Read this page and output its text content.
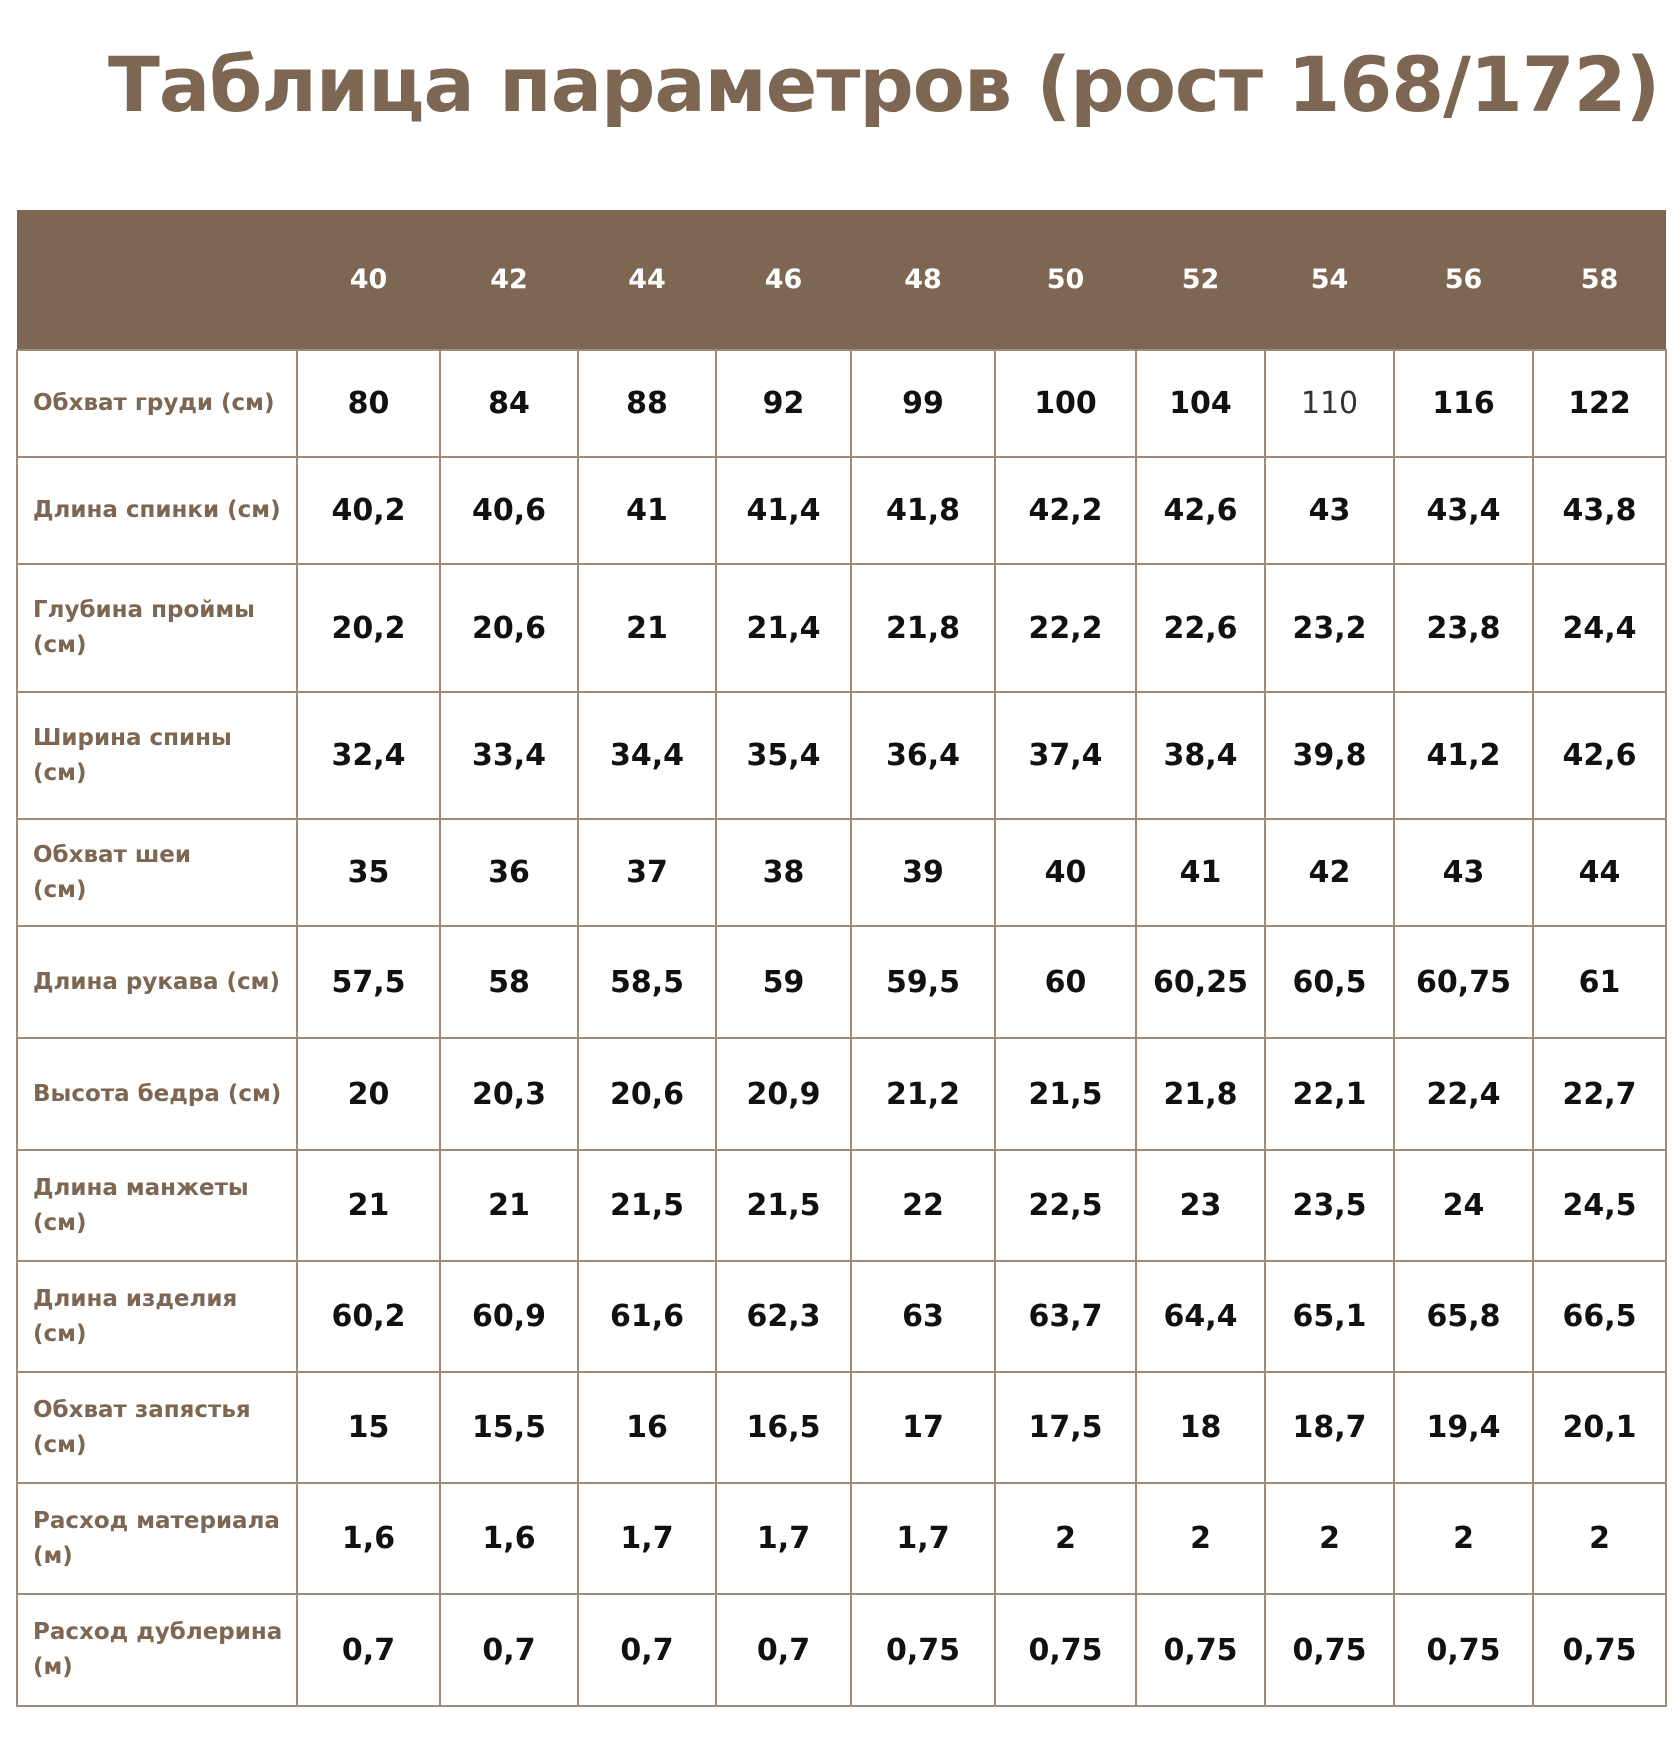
Таблица параметров (рост 168/172)
	40	42	44	46	48	50	52	54	56	58
Обхват груди (см)	80	84	88	92	99	100	104	110	116	122
Длина спинки (см)	40,2	40,6	41	41,4	41,8	42,2	42,6	43	43,4	43,8
Глубина проймы
(см)	20,2	20,6	21	21,4	21,8	22,2	22,6	23,2	23,8	24,4
Ширина спины
(см)	32,4	33,4	34,4	35,4	36,4	37,4	38,4	39,8	41,2	42,6
Обхват шеи
(см)	35	36	37	38	39	40	41	42	43	44
Длина рукава (см)	57,5	58	58,5	59	59,5	60	60,25	60,5	60,75	61
Высота бедра (см)	20	20,3	20,6	20,9	21,2	21,5	21,8	22,1	22,4	22,7
Длина манжеты
(см)	21	21	21,5	21,5	22	22,5	23	23,5	24	24,5
Длина изделия (см)	60,2	60,9	61,6	62,3	63	63,7	64,4	65,1	65,8	66,5
Обхват запястья
(см)	15	15,5	16	16,5	17	17,5	18	18,7	19,4	20,1
Расход материала
(м)	1,6	1,6	1,7	1,7	1,7	2	2	2	2	2
Расход дублерина
(м)	0,7	0,7	0,7	0,7	0,75	0,75	0,75	0,75	0,75	0,75
